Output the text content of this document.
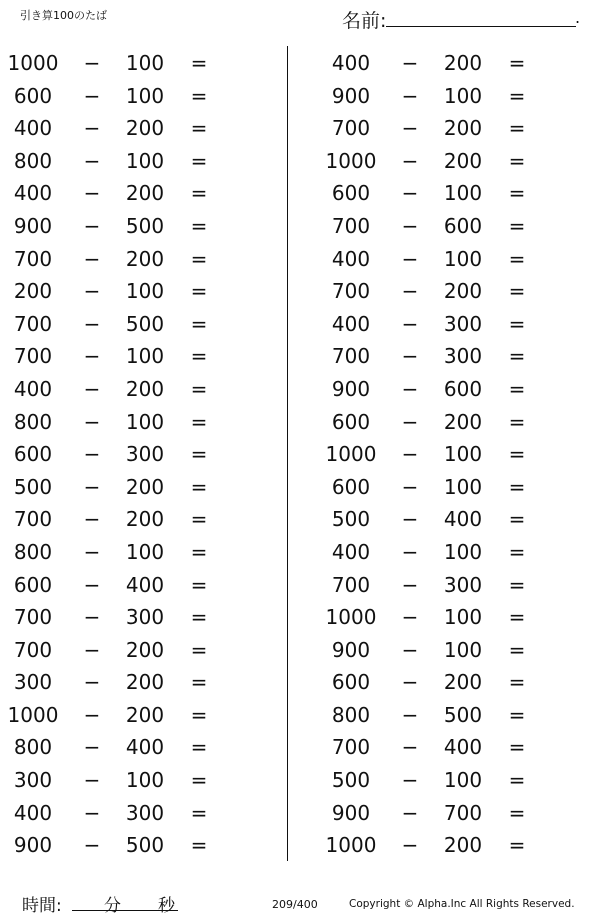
引き算100のたば	名前:	.
1000	−	100	=
600	−	100	=
400	−	200	=
800	−	100	=
400	−	200	=
900	−	500	=
700	−	200	=
200	−	100	=
700	−	500	=
700	−	100	=
400	−	200	=
800	−	100	=
600	−	300	=
500	−	200	=
700	−	200	=
800	−	100	=
600	−	400	=
700	−	300	=
700	−	200	=
300	−	200	=
1000	−	200	=
800	−	400	=
300	−	100	=
400	−	300	=
900	−	500	=
400	−	200	=
900	−	100	=
700	−	200	=
1000	−	200	=
600	−	100	=
700	−	600	=
400	−	100	=
700	−	200	=
400	−	300	=
700	−	300	=
900	−	600	=
600	−	200	=
1000	−	100	=
600	−	100	=
500	−	400	=
400	−	100	=
700	−	300	=
1000	−	100	=
900	−	100	=
600	−	200	=
800	−	500	=
700	−	400	=
500	−	100	=
900	−	700	=
1000	−	200	=
時間: 分 秒	209/400	Copyright © Alpha.Inc All Rights Reserved.
